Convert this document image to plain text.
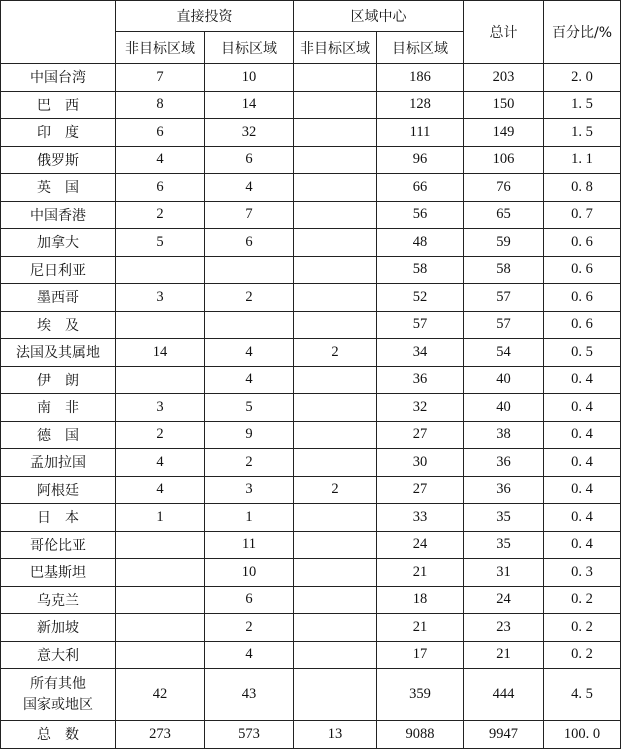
	直接投资		区域中心		总计	百分比/%
	非目标区域	目标区域	非目标区域	目标区域		
中国台湾	7	10		186	203	2. 0
巴　西	8	14		128	150	1. 5
印　度	6	32		111	149	1. 5
俄罗斯	4	6		96	106	1. 1
英　国	6	4		66	76	0. 8
中国香港	2	7		56	65	0. 7
加拿大	5	6		48	59	0. 6
尼日利亚				58	58	0. 6
墨西哥	3	2		52	57	0. 6
埃　及				57	57	0. 6
法国及其属地	14	4	2	34	54	0. 5
伊　朗		4		36	40	0. 4
南　非	3	5		32	40	0. 4
德　国	2	9		27	38	0. 4
孟加拉国	4	2		30	36	0. 4
阿根廷	4	3	2	27	36	0. 4
日　本	1	1		33	35	0. 4
哥伦比亚		11		24	35	0. 4
巴基斯坦		10		21	31	0. 3
乌克兰		6		18	24	0. 2
新加坡		2		21	23	0. 2
意大利		4		17	21	0. 2
所有其他
国家或地区	42	43		359	444	4. 5
总　数	273	573	13	9088	9947	100. 0
